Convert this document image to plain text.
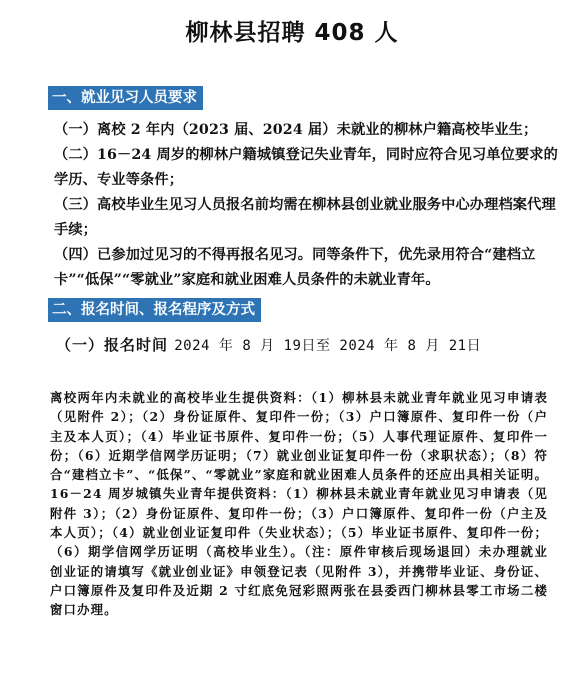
柳林县招聘 408 人
一、就业见习人员要求

（一）离校 2 年内（2023 届、2024 届）未就业的柳林户籍高校毕业生；

（二）16－24 周岁的柳林户籍城镇登记失业青年，同时应符合见习单位要求的学历、专业等条件；

（三）高校毕业生见习人员报名前均需在柳林县创业就业服务中心办理档案代理手续；

（四）已参加过见习的不得再报名见习。同等条件下，优先录用符合“建档立卡”“低保”“零就业”家庭和就业困难人员条件的未就业青年。

二、报名时间、报名程序及方式
（一）报名时间 2024 年 8 月 19日至 2024 年 8 月 21日
离校两年内未就业的高校毕业生提供资料：（1）柳林县未就业青年就业见习申请表（见附件 2）；（2）身份证原件、复印件一份；（3）户口簿原件、复印件一份（户主及本人页）；（4）毕业证书原件、复印件一份；（5）人事代理证原件、复印件一份；（6）近期学信网学历证明；（7）就业创业证复印件一份（求职状态）；（8）符合“建档立卡”、“低保”、“零就业”家庭和就业困难人员条件的还应出具相关证明。16－24 周岁城镇失业青年提供资料：（1）柳林县未就业青年就业见习申请表（见附件 3）；（2）身份证原件、复印件一份；（3）户口簿原件、复印件一份（户主及本人页）；（4）就业创业证复印件（失业状态）；（5）毕业证书原件、复印件一份；（6）期学信网学历证明（高校毕业生）。（注：原件审核后现场退回）未办理就业创业证的请填写《就业创业证》申领登记表（见附件 3），并携带毕业证、身份证、户口簿原件及复印件及近期 2 寸红底免冠彩照两张在县委西门柳林县零工市场二楼窗口办理。
